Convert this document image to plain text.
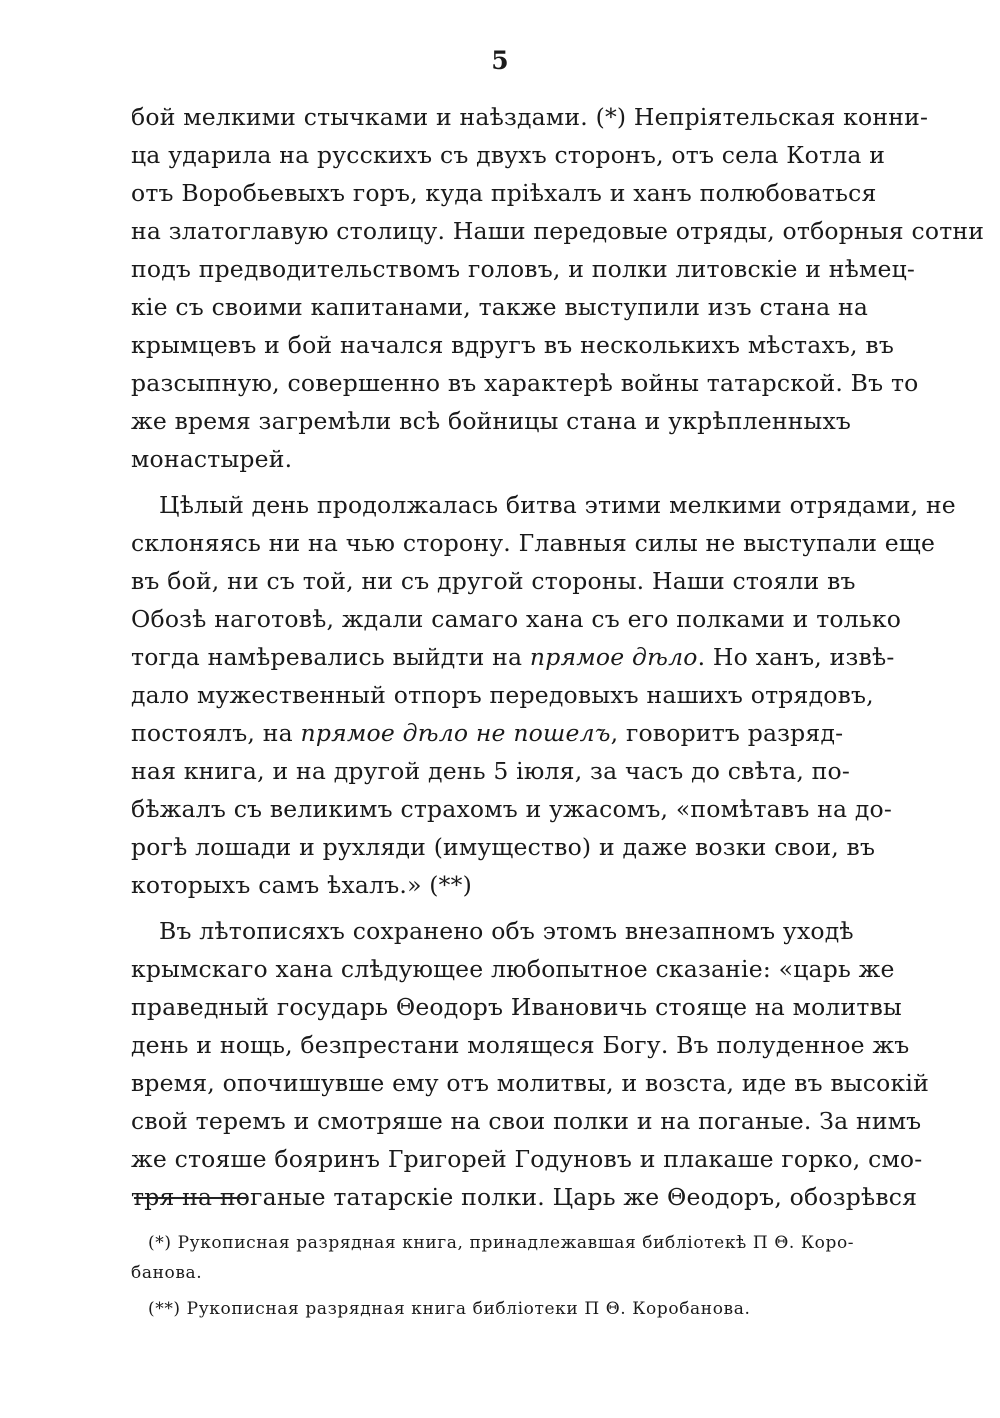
5
бой мелкими стычками и наѣздами. (*) Непріятельская конни-
ца ударила на русскихъ съ двухъ сторонъ, отъ села Котла и
отъ Воробьевыхъ горъ, куда пріѣхалъ и ханъ полюбоваться
на златоглавую столицу. Наши передовые отряды, отборныя сотни
подъ предводительствомъ головъ, и полки литовскіе и нѣмец-
кіе съ своими капитанами, также выступили изъ стана на
крымцевъ и бой начался вдругъ въ несколькихъ мѣстахъ, въ
разсыпную, совершенно въ характерѣ войны татарской. Въ то
же время загремѣли всѣ бойницы стана и укрѣпленныхъ
монастырей.
Цѣлый день продолжалась битва этими мелкими отрядами, не
склоняясь ни на чью сторону. Главныя силы не выступали еще
въ бой, ни съ той, ни съ другой стороны. Наши стояли въ
Обозѣ наготовѣ, ждали самаго хана съ его полками и только
тогда намѣревались выйдти на прямое дѣло. Но ханъ, извѣ-
дало мужественный отпоръ передовыхъ нашихъ отрядовъ,
постоялъ, на прямое дѣло не пошелъ, говоритъ разряд-
ная книга, и на другой день 5 іюля, за часъ до свѣта, по-
бѣжалъ съ великимъ страхомъ и ужасомъ, «помѣтавъ на до-
рогѣ лошади и рухляди (имущество) и даже возки свои, въ
которыхъ самъ ѣхалъ.» (**)
Въ лѣтописяхъ сохранено объ этомъ внезапномъ уходѣ
крымскаго хана слѣдующее любопытное сказаніе: «царь же
праведный государь Θеодоръ Ивановичь стояще на молитвы
день и нощь, безпрестани молящеся Богу. Въ полуденное жъ
время, опочишувше ему отъ молитвы, и возста, иде въ высокій
свой теремъ и смотряше на свои полки и на поганые. За нимъ
же стояше бояринъ Григорей Годуновъ и плакаше горко, смо-
тря на поганые татарскіе полки. Царь же Θеодоръ, обозрѣвся
(*) Рукописная разрядная книга, принадлежавшая библіотекѣ П Θ. Коро-
банова.
(**) Рукописная разрядная книга библіотеки П Θ. Коробанова.
